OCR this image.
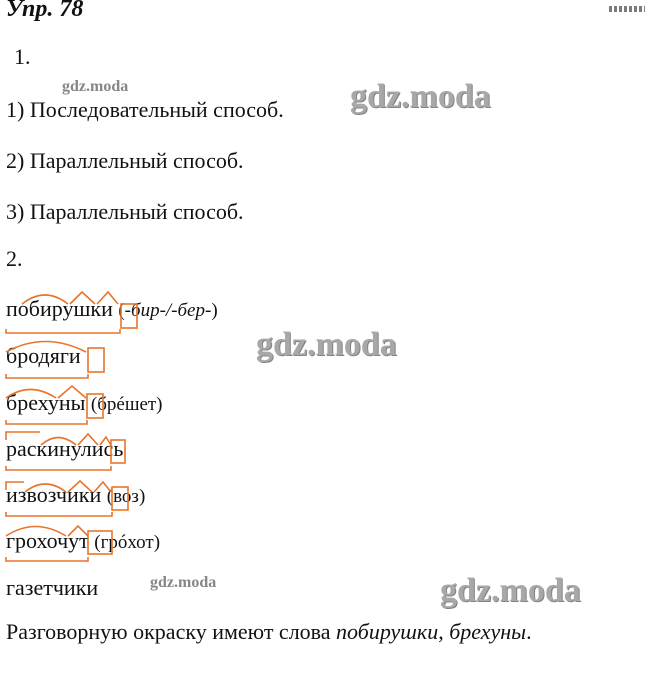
Упр. 78
1.
1) Последовательный способ.
2) Параллельный способ.
3) Параллельный способ.
2.
побирушки (-бир-/-бер-)
бродяги
брехуны (брéшет)
раскинулись
извозчики (воз)
грохочут (грóхот)
газетчики
Разговорную окраску имеют слова побирушки, брехуны.
gdz.moda	gdz.moda
gdz.moda
gdz.moda	gdz.moda
